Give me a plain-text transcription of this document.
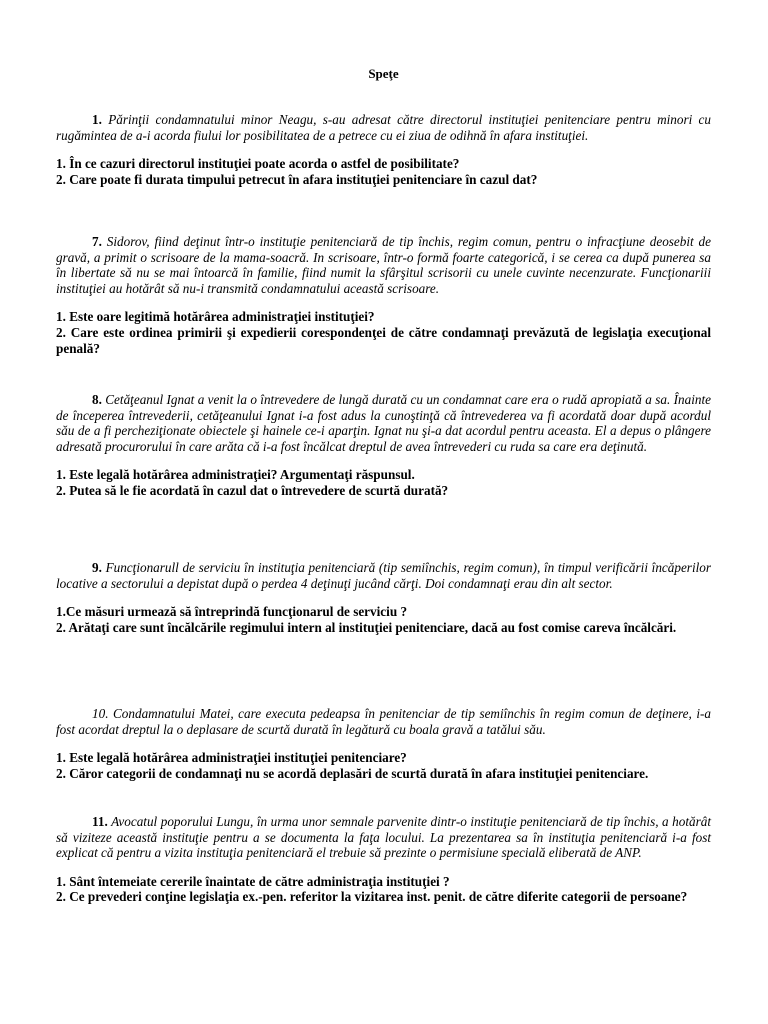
Speţe

1. Părinţii condamnatului minor Neagu, s-au adresat către directorul instituţiei penitenciare pentru minori cu rugămintea de a-i acorda fiului lor posibilitatea de a petrece cu ei ziua de odihnă în afara instituţiei.

1. În ce cazuri directorul instituţiei poate acorda o astfel de posibilitate?

2. Care poate fi durata timpului petrecut în afara instituţiei penitenciare în cazul dat?

7. Sidorov, fiind deţinut într-o instituţie penitenciară de tip închis, regim comun, pentru o infracţiune deosebit de gravă, a primit o scrisoare de la mama-soacră. In scrisoare, într-o formă foarte categorică, i se cerea ca după punerea sa în libertate să nu se mai întoarcă în familie, fiind numit la sfârşitul scrisorii cu unele cuvinte necenzurate. Funcţionariii instituţiei au hotărât să nu-i transmită condamnatului această scrisoare.

1. Este oare legitimă hotărârea administraţiei instituţiei?

2. Care este ordinea primirii şi expedierii corespondenţei de către condamnaţi prevăzută de legislaţia execuţional penală?

8. Cetăţeanul Ignat a venit la o întrevedere de lungă durată cu un condamnat care era o rudă apropiată a sa. Înainte de începerea întrevederii, cetăţeanului Ignat i-a fost adus la cunoştinţă că întrevederea va fi acordată doar după acordul său de a fi percheziţionate obiectele şi hainele ce-i aparţin. Ignat nu şi-a dat acordul pentru aceasta. El a depus o plângere adresată procurorului în care arăta că i-a fost încălcat dreptul de avea întrevederi cu ruda sa care era deţinută.

1. Este legală hotărârea administraţiei? Argumentaţi răspunsul.

2. Putea să le fie acordată în cazul dat o întrevedere de scurtă durată?

9. Funcţionarull de serviciu în instituţia penitenciară (tip semiînchis, regim comun), în timpul verificării încăperilor locative a sectorului a depistat după o perdea 4 deţinuţi jucând cărţi. Doi condamnaţi erau din alt sector.

1.Ce măsuri urmează să întreprindă funcţionarul de serviciu ?

2. Arătaţi care sunt încălcările regimului intern al instituţiei penitenciare, dacă au fost comise careva încălcări.

10. Condamnatului Matei, care executa pedeapsa în penitenciar de tip semiînchis în regim comun de deţinere, i-a fost acordat dreptul la o deplasare de scurtă durată în legătură cu boala gravă a tatălui său.

1. Este legală hotărârea administraţiei instituţiei penitenciare?

2. Căror categorii de condamnaţi nu se acordă deplasări de scurtă durată în afara instituţiei penitenciare.

11. Avocatul poporului Lungu, în urma unor semnale parvenite dintr-o instituţie penitenciară de tip închis, a hotărât să viziteze această instituţie pentru a se documenta la faţa locului. La prezentarea sa în instituţia penitenciară i-a fost explicat că pentru a vizita instituţia penitenciară el trebuie să prezinte o permisiune specială eliberată de ANP.

1. Sânt întemeiate cererile înaintate de către administraţia instituţiei ?

2. Ce prevederi conţine legislaţia ex.-pen. referitor la vizitarea inst. penit. de către diferite categorii de persoane?
